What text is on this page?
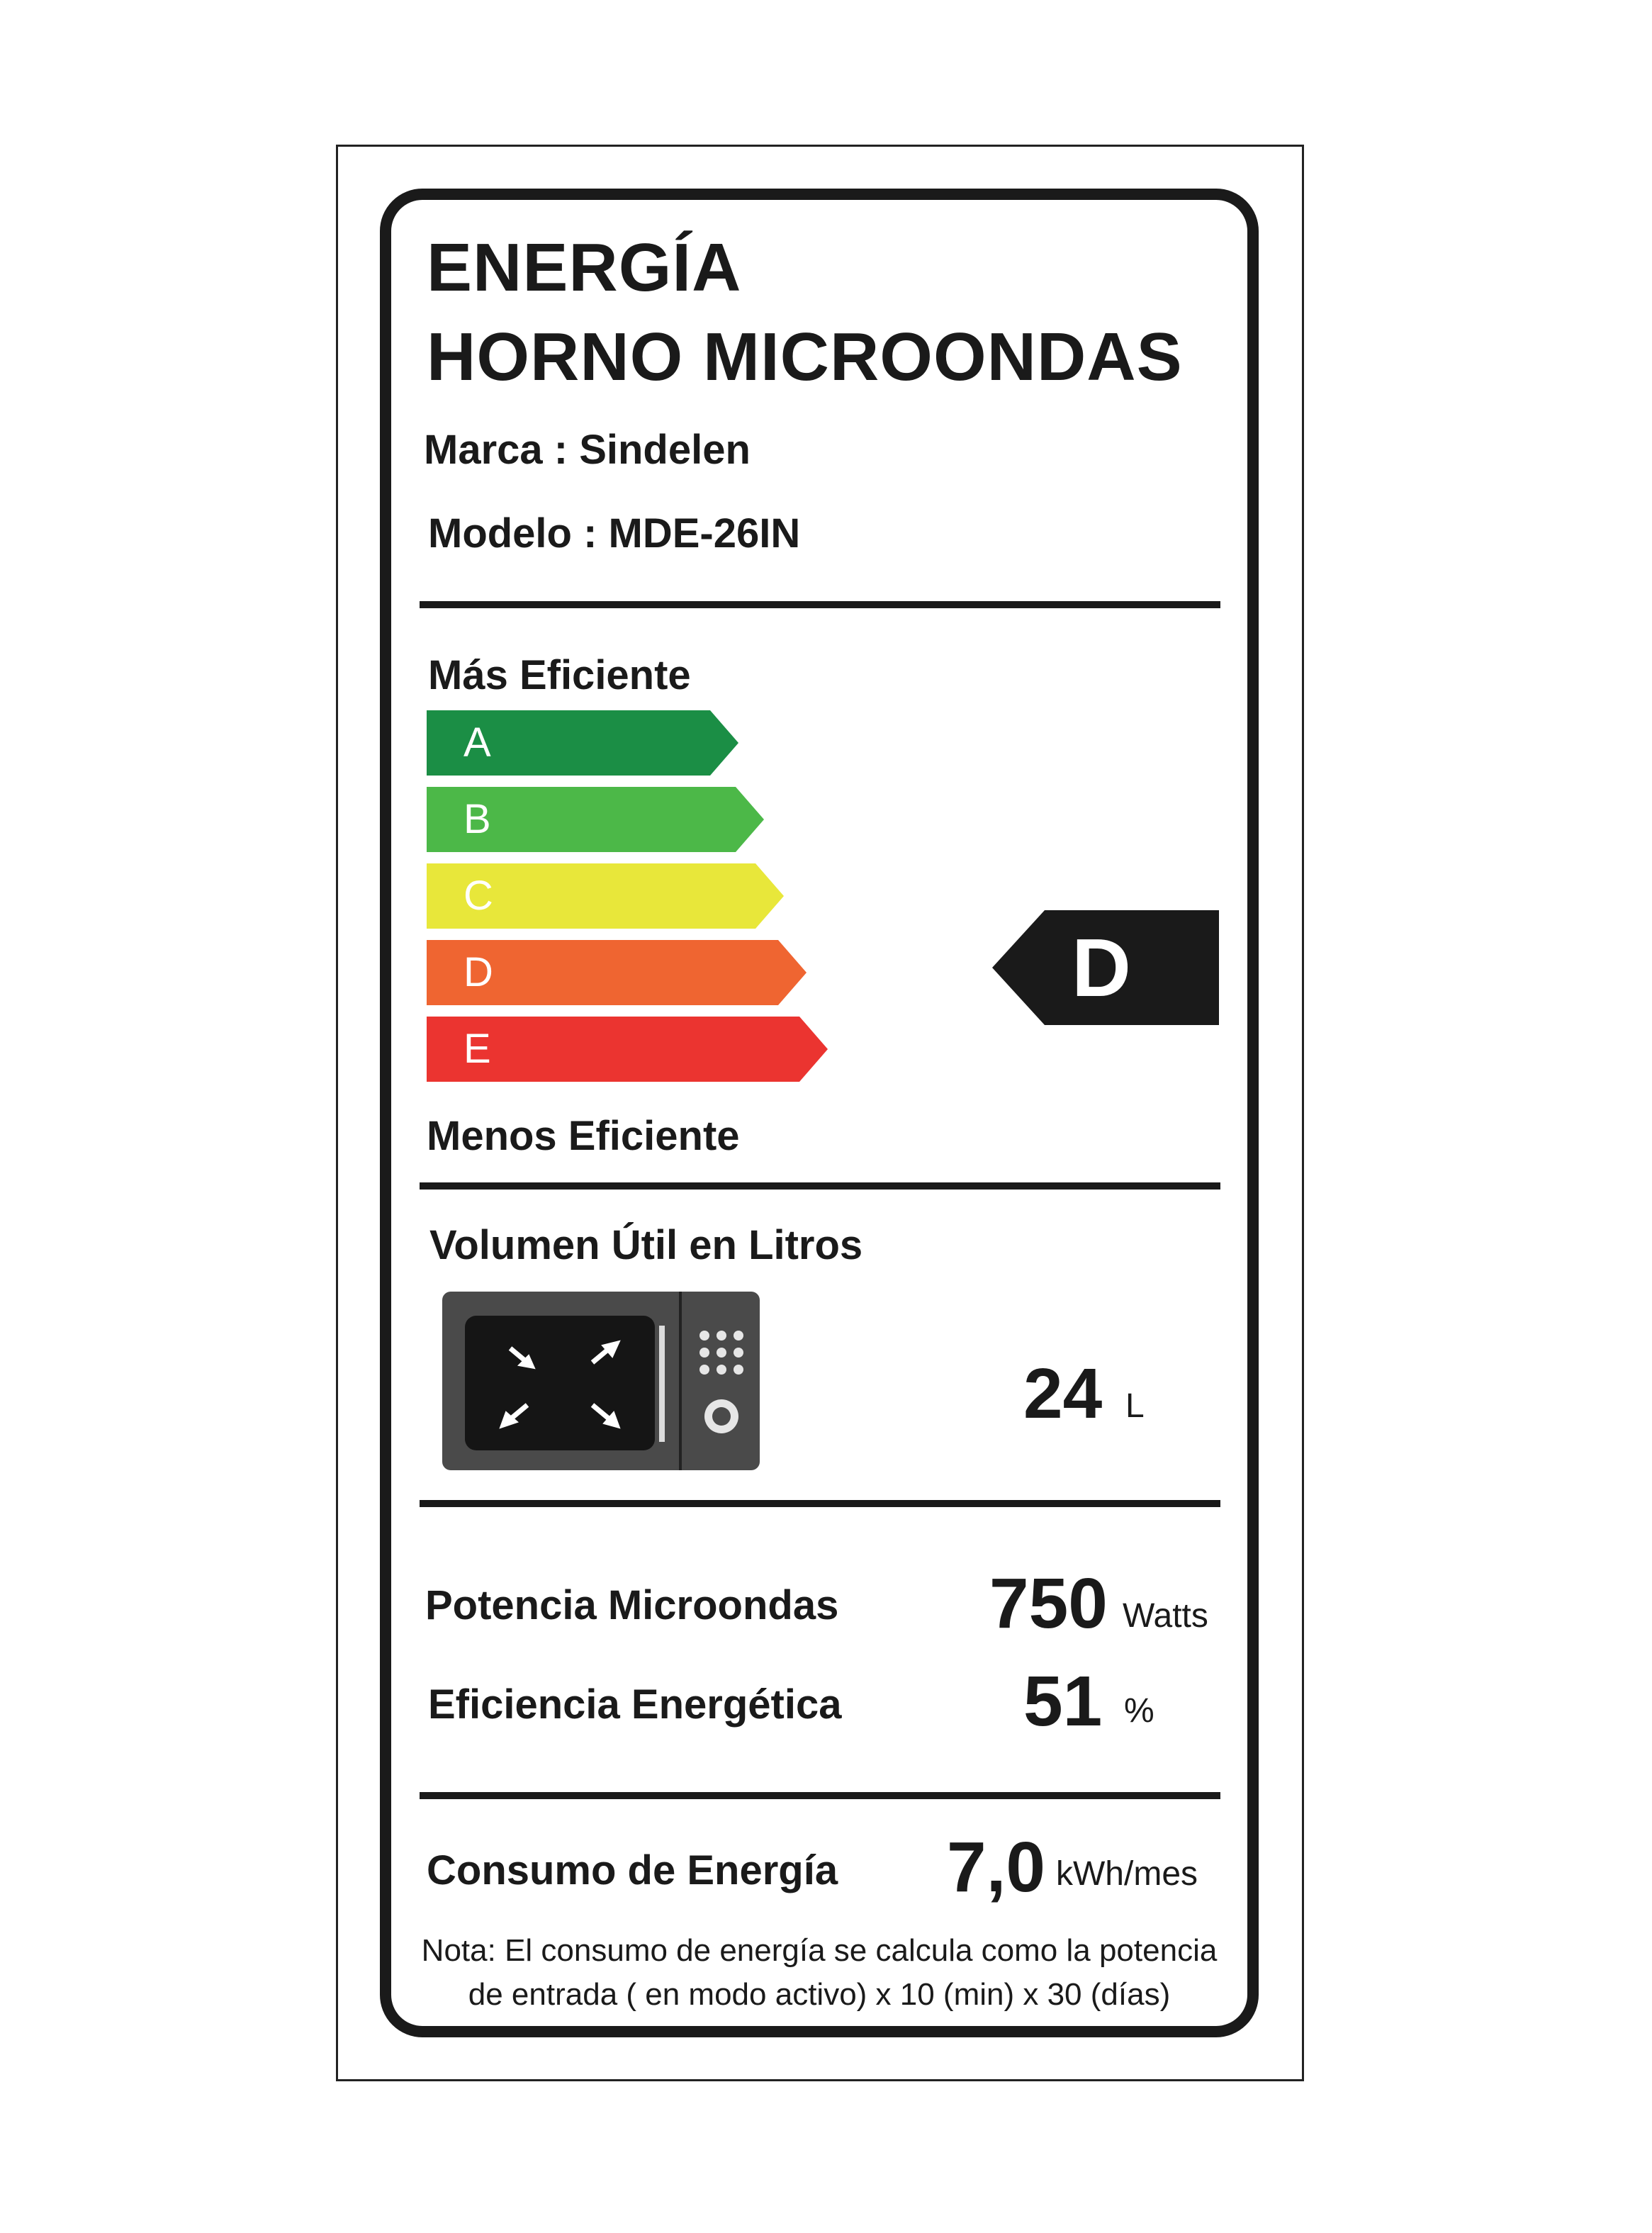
ENERGÍA
HORNO MICROONDAS
Marca : Sindelen
Modelo : MDE-26IN
Más Eficiente
A
B
C
D
E
D
Menos Eficiente
Volumen Útil en Litros
24 L
Potencia Microondas 750 Watts
Eficiencia Energética	51 %
Consumo de Energía 7,0 kWh/mes
Nota: El consumo de energía se calcula como la potencia
de entrada ( en modo activo) x 10 (min) x 30 (días)
